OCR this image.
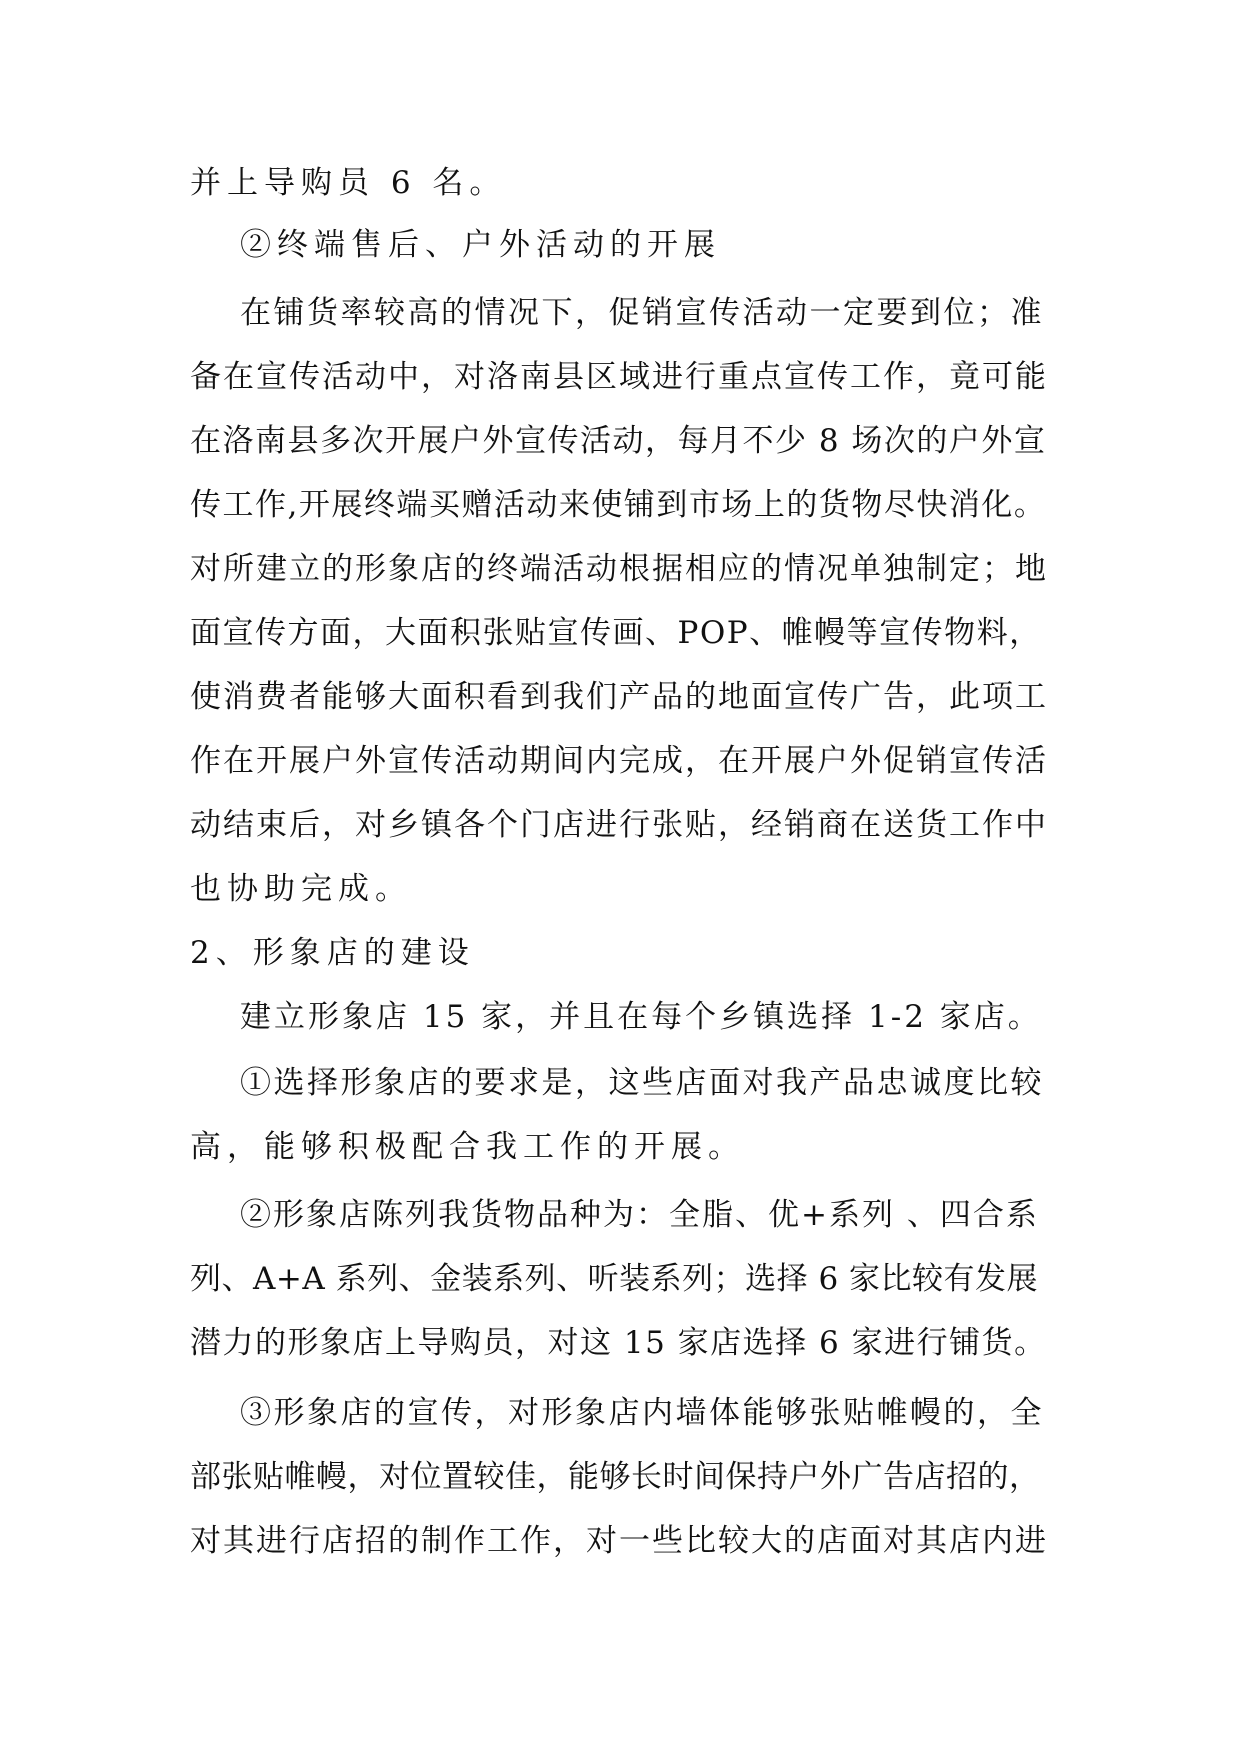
并上导购员 6 名。
②终端售后、户外活动的开展
在铺货率较高的情况下，促销宣传活动一定要到位；准
备在宣传活动中，对洛南县区域进行重点宣传工作，竟可能
在洛南县多次开展户外宣传活动，每月不少 8 场次的户外宣
传工作,开展终端买赠活动来使铺到市场上的货物尽快消化。
对所建立的形象店的终端活动根据相应的情况单独制定；地
面宣传方面，大面积张贴宣传画、POP、帷幔等宣传物料，
使消费者能够大面积看到我们产品的地面宣传广告，此项工
作在开展户外宣传活动期间内完成，在开展户外促销宣传活
动结束后，对乡镇各个门店进行张贴，经销商在送货工作中
也协助完成。
2、形象店的建设
建立形象店 15 家，并且在每个乡镇选择 1-2 家店。
①选择形象店的要求是，这些店面对我产品忠诚度比较
高，能够积极配合我工作的开展。
②形象店陈列我货物品种为：全脂、优+系列 、四合系
列、A+A 系列、金装系列、听装系列；选择 6 家比较有发展
潜力的形象店上导购员，对这 15 家店选择 6 家进行铺货。
③形象店的宣传，对形象店内墙体能够张贴帷幔的，全
部张贴帷幔，对位置较佳，能够长时间保持户外广告店招的，
对其进行店招的制作工作，对一些比较大的店面对其店内进
